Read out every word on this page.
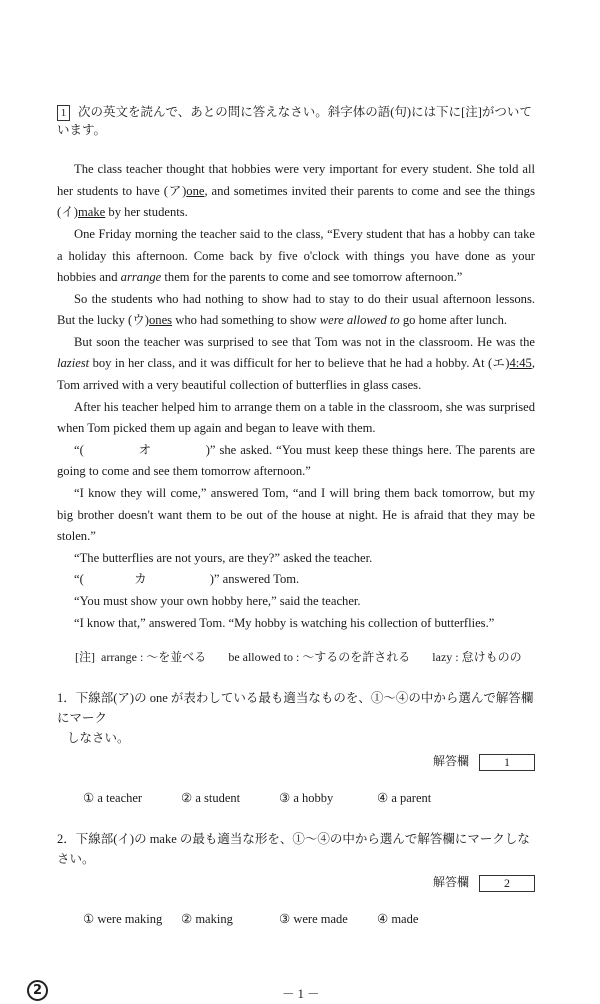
1 次の英文を読んで、あとの問に答えなさい。斜字体の語(句)には下に[注]がついています。

The class teacher thought that hobbies were very important for every student. She told all her students to have (ア)one, and sometimes invited their parents to come and see the things (イ)make by her students.

One Friday morning the teacher said to the class, “Every student that has a hobby can take a holiday this afternoon. Come back by five o'clock with things you have done as your hobbies and arrange them for the parents to come and see tomorrow afternoon.”

So the students who had nothing to show had to stay to do their usual afternoon lessons. But the lucky (ウ)ones who had something to show were allowed to go home after lunch.

But soon the teacher was surprised to see that Tom was not in the classroom. He was the laziest boy in her class, and it was difficult for her to believe that he had a hobby. At (エ)4:45, Tom arrived with a very beautiful collection of butterflies in glass cases.

After his teacher helped him to arrange them on a table in the classroom, she was surprised when Tom picked them up again and began to leave with them.

“(　　　　オ　　　　)” she asked. “You must keep these things here. The parents are going to come and see them tomorrow afternoon.”

“I know they will come,” answered Tom, “and I will bring them back tomorrow, but my big brother doesn't want them to be out of the house at night. He is afraid that they may be stolen.”

“The butterflies are not yours, are they?” asked the teacher.

“(　　　　カ　　　　　)” answered Tom.

“You must show your own hobby here,” said the teacher.

“I know that,” answered Tom. “My hobby is watching his collection of butterflies.”

[注] arrange : ～を並べる be allowed to : ～するのを許される lazy : 怠けものの
1．下線部(ア)の one が表わしている最も適当なものを、①～④の中から選んで解答欄にマーク
しなさい。
解答欄	1
① a teacher	② a student	③ a hobby	④ a parent
2．下線部(イ)の make の最も適当な形を、①～④の中から選んで解答欄にマークしなさい。
解答欄	2
① were making ② making	③ were made	④ made
2	－ 1 －
